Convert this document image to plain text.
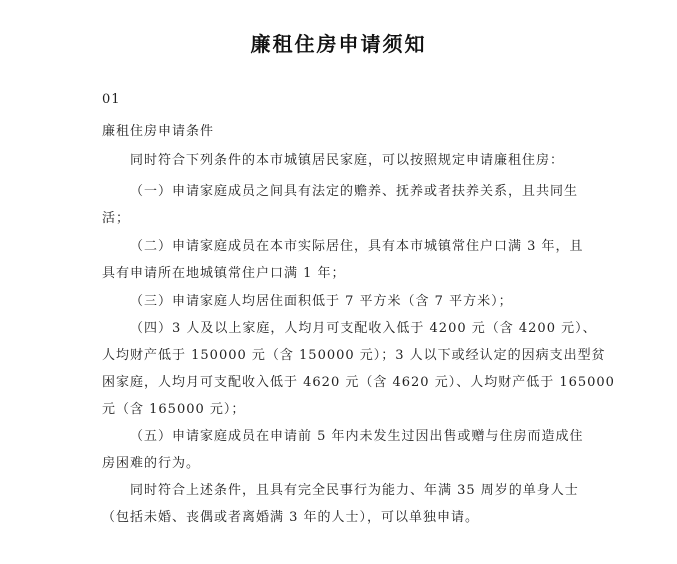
廉租住房申请须知
01
廉租住房申请条件
同时符合下列条件的本市城镇居民家庭，可以按照规定申请廉租住房：
（一）申请家庭成员之间具有法定的赡养、抚养或者扶养关系，且共同生
活；
（二）申请家庭成员在本市实际居住，具有本市城镇常住户口满 3 年，且
具有申请所在地城镇常住户口满 1 年；
（三）申请家庭人均居住面积低于 7 平方米（含 7 平方米）；
（四）3 人及以上家庭，人均月可支配收入低于 4200 元（含 4200 元）、
人均财产低于 150000 元（含 150000 元）；3 人以下或经认定的因病支出型贫
困家庭，人均月可支配收入低于 4620 元（含 4620 元）、人均财产低于 165000
元（含 165000 元）；
（五）申请家庭成员在申请前 5 年内未发生过因出售或赠与住房而造成住
房困难的行为。
同时符合上述条件，且具有完全民事行为能力、年满 35 周岁的单身人士
（包括未婚、丧偶或者离婚满 3 年的人士），可以单独申请。
